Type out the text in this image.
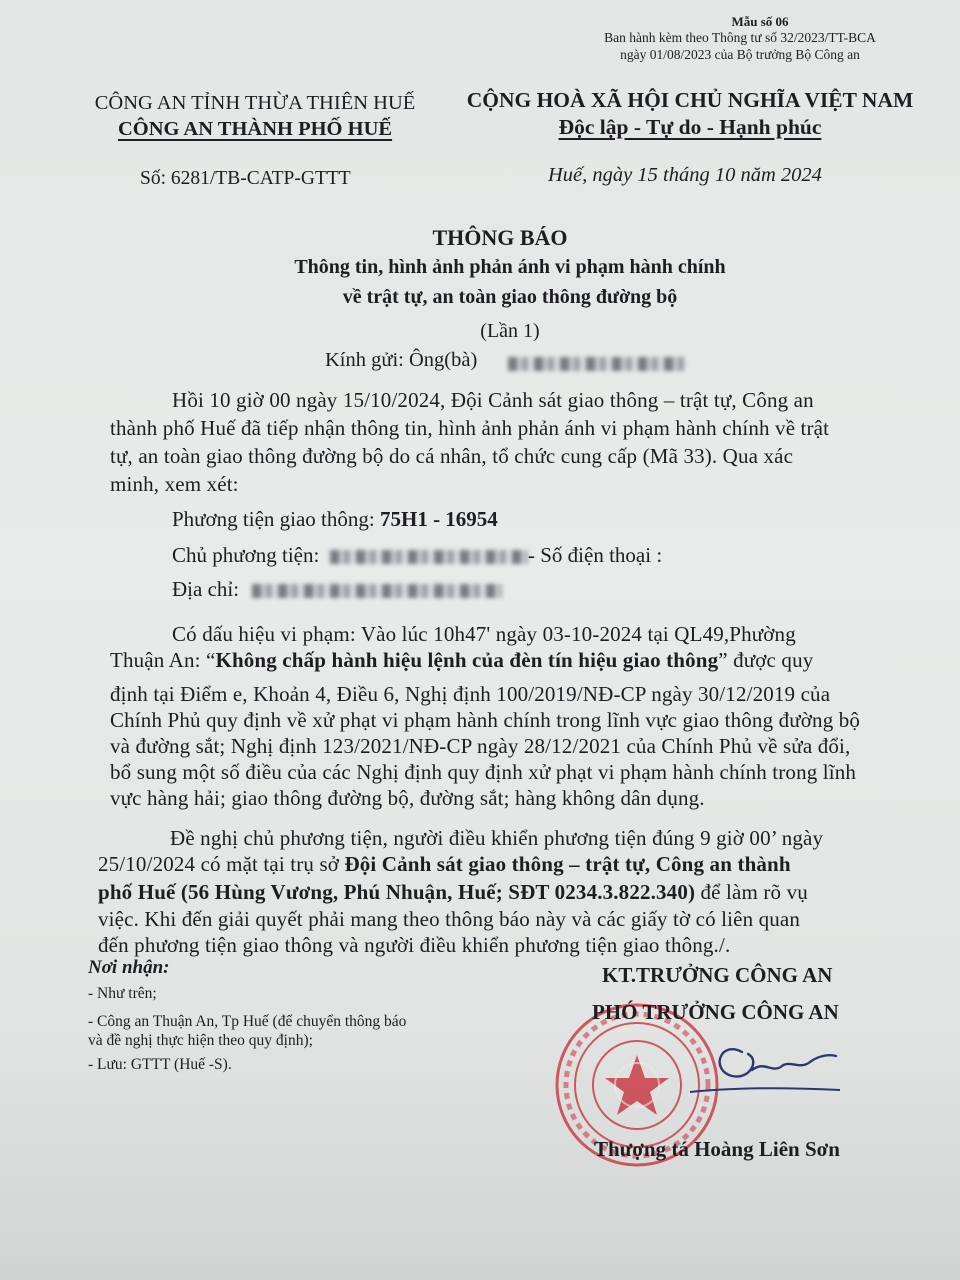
Mẫu số 06
Ban hành kèm theo Thông tư số 32/2023/TT-BCA
ngày 01/08/2023 của Bộ trưởng Bộ Công an
CÔNG AN TỈNH THỪA THIÊN HUẾ
CÔNG AN THÀNH PHỐ HUẾ
CỘNG HOÀ XÃ HỘI CHỦ NGHĨA VIỆT NAM
Độc lập - Tự do - Hạnh phúc
Số: 6281/TB-CATP-GTTT	Huế, ngày 15 tháng 10 năm 2024
THÔNG BÁO
Thông tin, hình ảnh phản ánh vi phạm hành chính
về trật tự, an toàn giao thông đường bộ
(Lần 1)
Kính gửi: Ông(bà)
Hồi 10 giờ 00 ngày 15/10/2024, Đội Cảnh sát giao thông – trật tự, Công an
thành phố Huế đã tiếp nhận thông tin, hình ảnh phản ánh vi phạm hành chính về trật
tự, an toàn giao thông đường bộ do cá nhân, tổ chức cung cấp (Mã 33). Qua xác
minh, xem xét:
Phương tiện giao thông: 75H1 - 16954
Chủ phương tiện:	- Số điện thoại :
Địa chỉ:
Có dấu hiệu vi phạm: Vào lúc 10h47' ngày 03-10-2024 tại QL49,Phường
Thuận An: “Không chấp hành hiệu lệnh của đèn tín hiệu giao thông” được quy
định tại Điểm e, Khoản 4, Điều 6, Nghị định 100/2019/NĐ-CP ngày 30/12/2019 của
Chính Phủ quy định về xử phạt vi phạm hành chính trong lĩnh vực giao thông đường bộ
và đường sắt; Nghị định 123/2021/NĐ-CP ngày 28/12/2021 của Chính Phủ về sửa đổi,
bổ sung một số điều của các Nghị định quy định xử phạt vi phạm hành chính trong lĩnh
vực hàng hải; giao thông đường bộ, đường sắt; hàng không dân dụng.
Đề nghị chủ phương tiện, người điều khiển phương tiện đúng 9 giờ 00’ ngày
25/10/2024 có mặt tại trụ sở Đội Cảnh sát giao thông – trật tự, Công an thành
phố Huế (56 Hùng Vương, Phú Nhuận, Huế; SĐT 0234.3.822.340) để làm rõ vụ
việc. Khi đến giải quyết phải mang theo thông báo này và các giấy tờ có liên quan
đến phương tiện giao thông và người điều khiển phương tiện giao thông./.
Nơi nhận:
- Như trên;
- Công an Thuận An, Tp Huế (để chuyển thông báo
và đề nghị thực hiện theo quy định);
- Lưu: GTTT (Huế -S).
KT.TRƯỞNG CÔNG AN
PHÓ TRƯỞNG CÔNG AN
Thượng tá Hoàng Liên Sơn
